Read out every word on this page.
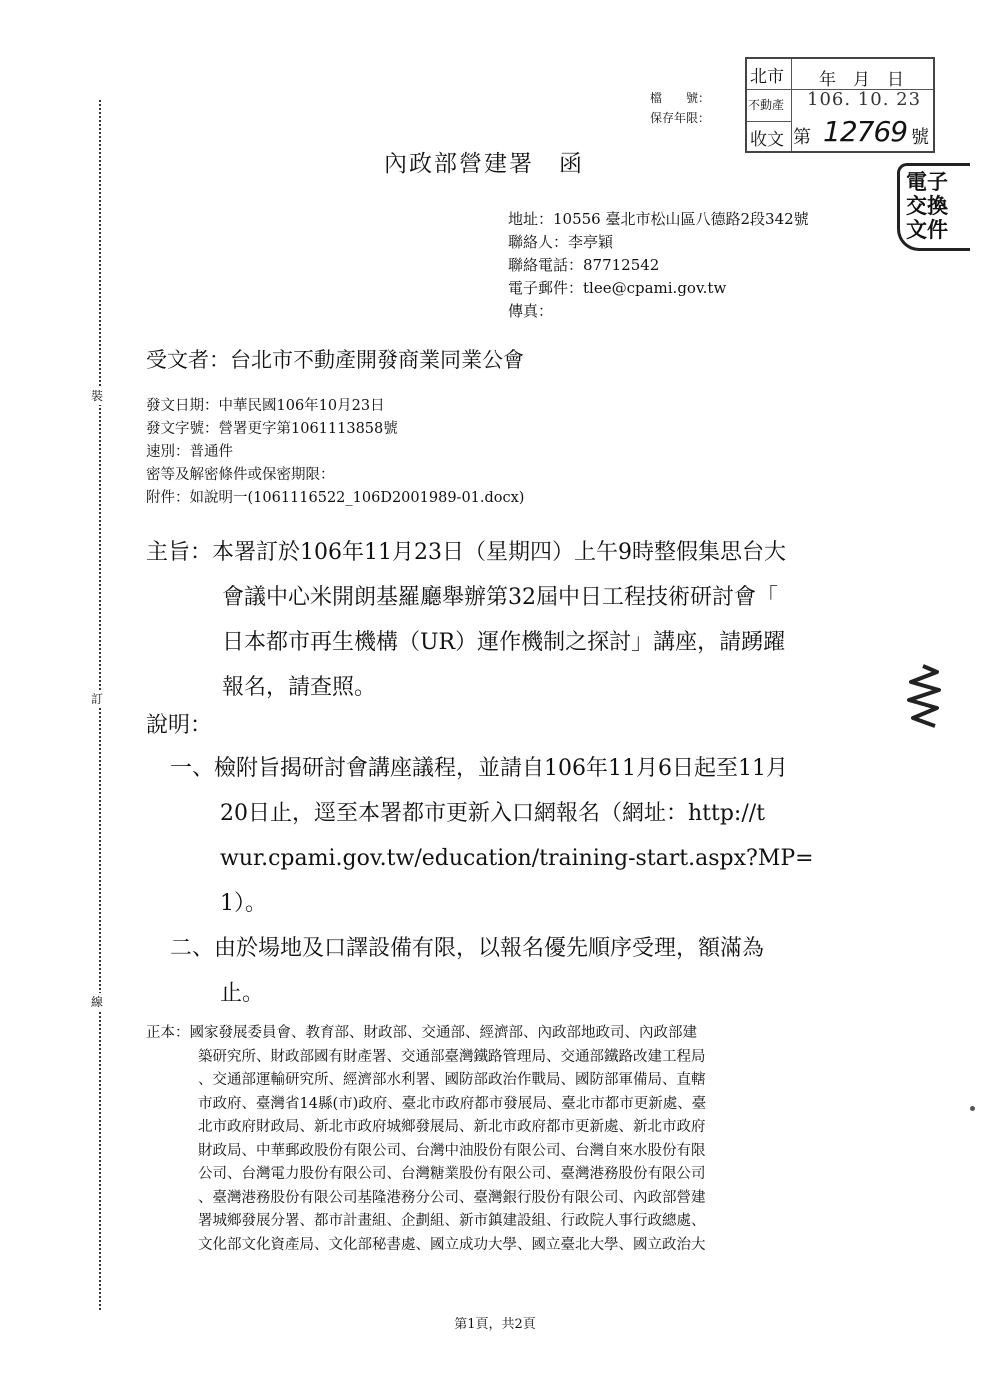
裝
訂
線
檔　　號：
保存年限：
北市
不動產
收文
年　月　日
106. 10. 23
第 12769 號
電子交換文件
內政部營建署　函
地址：10556 臺北市松山區八德路2段342號
聯絡人：李亭穎
聯絡電話：87712542
電子郵件：tlee@cpami.gov.tw
傳真：
受文者：台北市不動產開發商業同業公會
發文日期：中華民國106年10月23日
發文字號：營署更字第1061113858號
速別：普通件
密等及解密條件或保密期限：
附件：如說明一(1061116522_106D2001989-01.docx)
主旨：本署訂於106年11月23日（星期四）上午9時整假集思台大
會議中心米開朗基羅廳舉辦第32屆中日工程技術研討會「
日本都市再生機構（UR）運作機制之探討」講座，請踴躍
報名，請查照。
說明：
一、檢附旨揭研討會講座議程，並請自106年11月6日起至11月
20日止，逕至本署都市更新入口網報名（網址：http://t
wur.cpami.gov.tw/education/training-start.aspx?MP=
1）。
二、由於場地及口譯設備有限，以報名優先順序受理，額滿為
止。
正本：國家發展委員會、教育部、財政部、交通部、經濟部、內政部地政司、內政部建
築研究所、財政部國有財產署、交通部臺灣鐵路管理局、交通部鐵路改建工程局
、交通部運輸研究所、經濟部水利署、國防部政治作戰局、國防部軍備局、直轄
市政府、臺灣省14縣(市)政府、臺北市政府都市發展局、臺北市都市更新處、臺
北市政府財政局、新北市政府城鄉發展局、新北市政府都市更新處、新北市政府
財政局、中華郵政股份有限公司、台灣中油股份有限公司、台灣自來水股份有限
公司、台灣電力股份有限公司、台灣糖業股份有限公司、臺灣港務股份有限公司
、臺灣港務股份有限公司基隆港務分公司、臺灣銀行股份有限公司、內政部營建
署城鄉發展分署、都市計畫組、企劃組、新市鎮建設組、行政院人事行政總處、
文化部文化資產局、文化部秘書處、國立成功大學、國立臺北大學、國立政治大
第1頁，共2頁
